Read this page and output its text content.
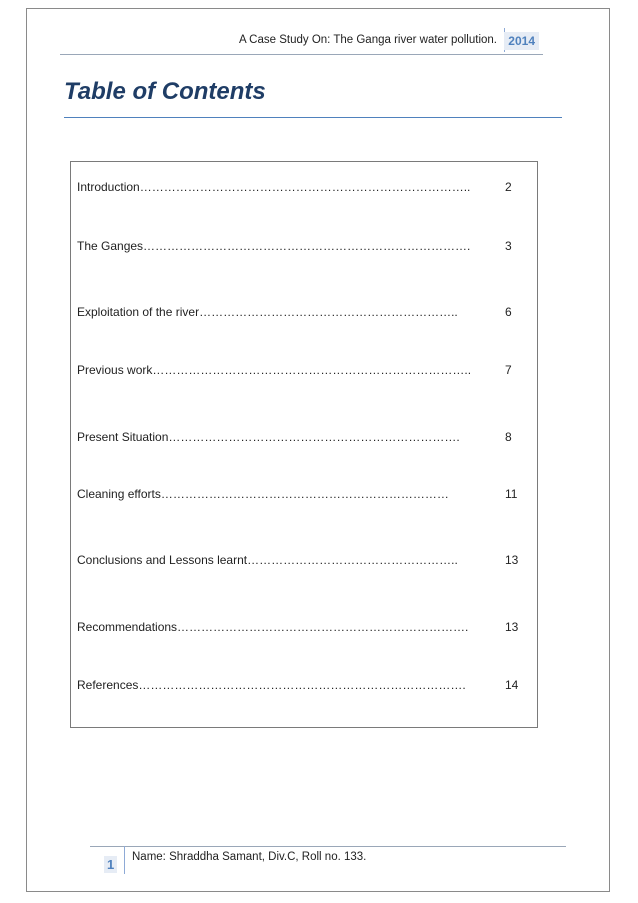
A Case Study On: The Ganga river water pollution. 2014
Table of Contents
Introduction………………………………………………………………………..	2
The Ganges……………………………………………………………………….	3
Exploitation of the river………………………………………………………..	6
Previous work……………………………………………………………………..	7
Present Situation……………………………………………………………….	8
Cleaning efforts………………………………………………………………	11
Conclusions and Lessons learnt……………………………………………..	13
Recommendations……………………………………………………………….	13
References……………………………………………………………………….	14
1 Name: Shraddha Samant, Div.C, Roll no. 133.
